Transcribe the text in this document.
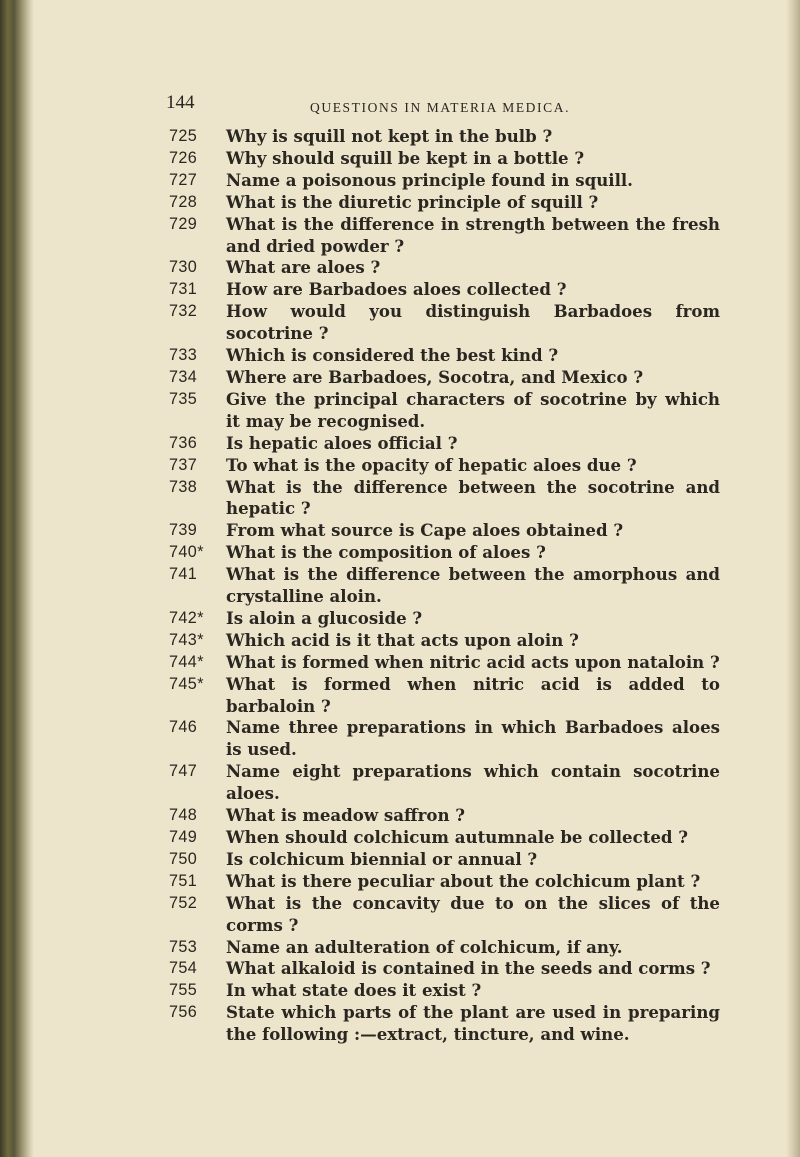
144	QUESTIONS IN MATERIA MEDICA.
725 Why is squill not kept in the bulb ?
726 Why should squill be kept in a bottle ?
727 Name a poisonous principle found in squill.
728 What is the diuretic principle of squill ?
729 What is the difference in strength between the fresh and dried powder ?
730 What are aloes ?
731 How are Barbadoes aloes collected ?
732 How would you distinguish Barbadoes from socotrine ?
733 Which is considered the best kind ?
734 Where are Barbadoes, Socotra, and Mexico ?
735 Give the principal characters of socotrine by which it may be recognised.
736 Is hepatic aloes official ?
737 To what is the opacity of hepatic aloes due ?
738 What is the difference between the socotrine and hepatic ?
739 From what source is Cape aloes obtained ?
740* What is the composition of aloes ?
741 What is the difference between the amorphous and crystalline aloin.
742* Is aloin a glucoside ?
743* Which acid is it that acts upon aloin ?
744* What is formed when nitric acid acts upon nataloin ?
745* What is formed when nitric acid is added to barbaloin ?
746 Name three preparations in which Barbadoes aloes is used.
747 Name eight preparations which contain socotrine aloes.
748 What is meadow saffron ?
749 When should colchicum autumnale be collected ?
750 Is colchicum biennial or annual ?
751 What is there peculiar about the colchicum plant ?
752 What is the concavity due to on the slices of the corms ?
753 Name an adulteration of colchicum, if any.
754 What alkaloid is contained in the seeds and corms ?
755 In what state does it exist ?
756 State which parts of the plant are used in preparing the following :—extract, tincture, and wine.
